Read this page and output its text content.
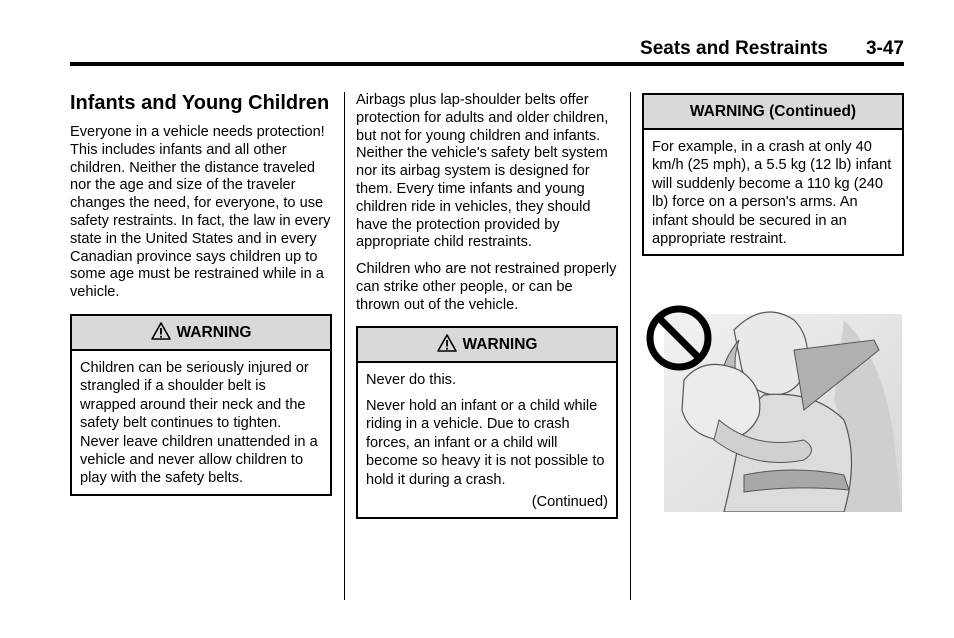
Seats and Restraints 3-47
Infants and Young Children

Everyone in a vehicle needs protection! This includes infants and all other children. Neither the distance traveled nor the age and size of the traveler changes the need, for everyone, to use safety restraints. In fact, the law in every state in the United States and in every Canadian province says children up to some age must be restrained while in a vehicle.

WARNING

Children can be seriously injured or strangled if a shoulder belt is wrapped around their neck and the safety belt continues to tighten. Never leave children unattended in a vehicle and never allow children to play with the safety belts.

Airbags plus lap-shoulder belts offer protection for adults and older children, but not for young children and infants. Neither the vehicle's safety belt system nor its airbag system is designed for them. Every time infants and young children ride in vehicles, they should have the protection provided by appropriate child restraints.

Children who are not restrained properly can strike other people, or can be thrown out of the vehicle.

WARNING

Never do this.

Never hold an infant or a child while riding in a vehicle. Due to crash forces, an infant or a child will become so heavy it is not possible to hold it during a crash.

(Continued)
WARNING (Continued)

For example, in a crash at only 40 km/h (25 mph), a 5.5 kg (12 lb) infant will suddenly become a 110 kg (240 lb) force on a person's arms. An infant should be secured in an appropriate restraint.
